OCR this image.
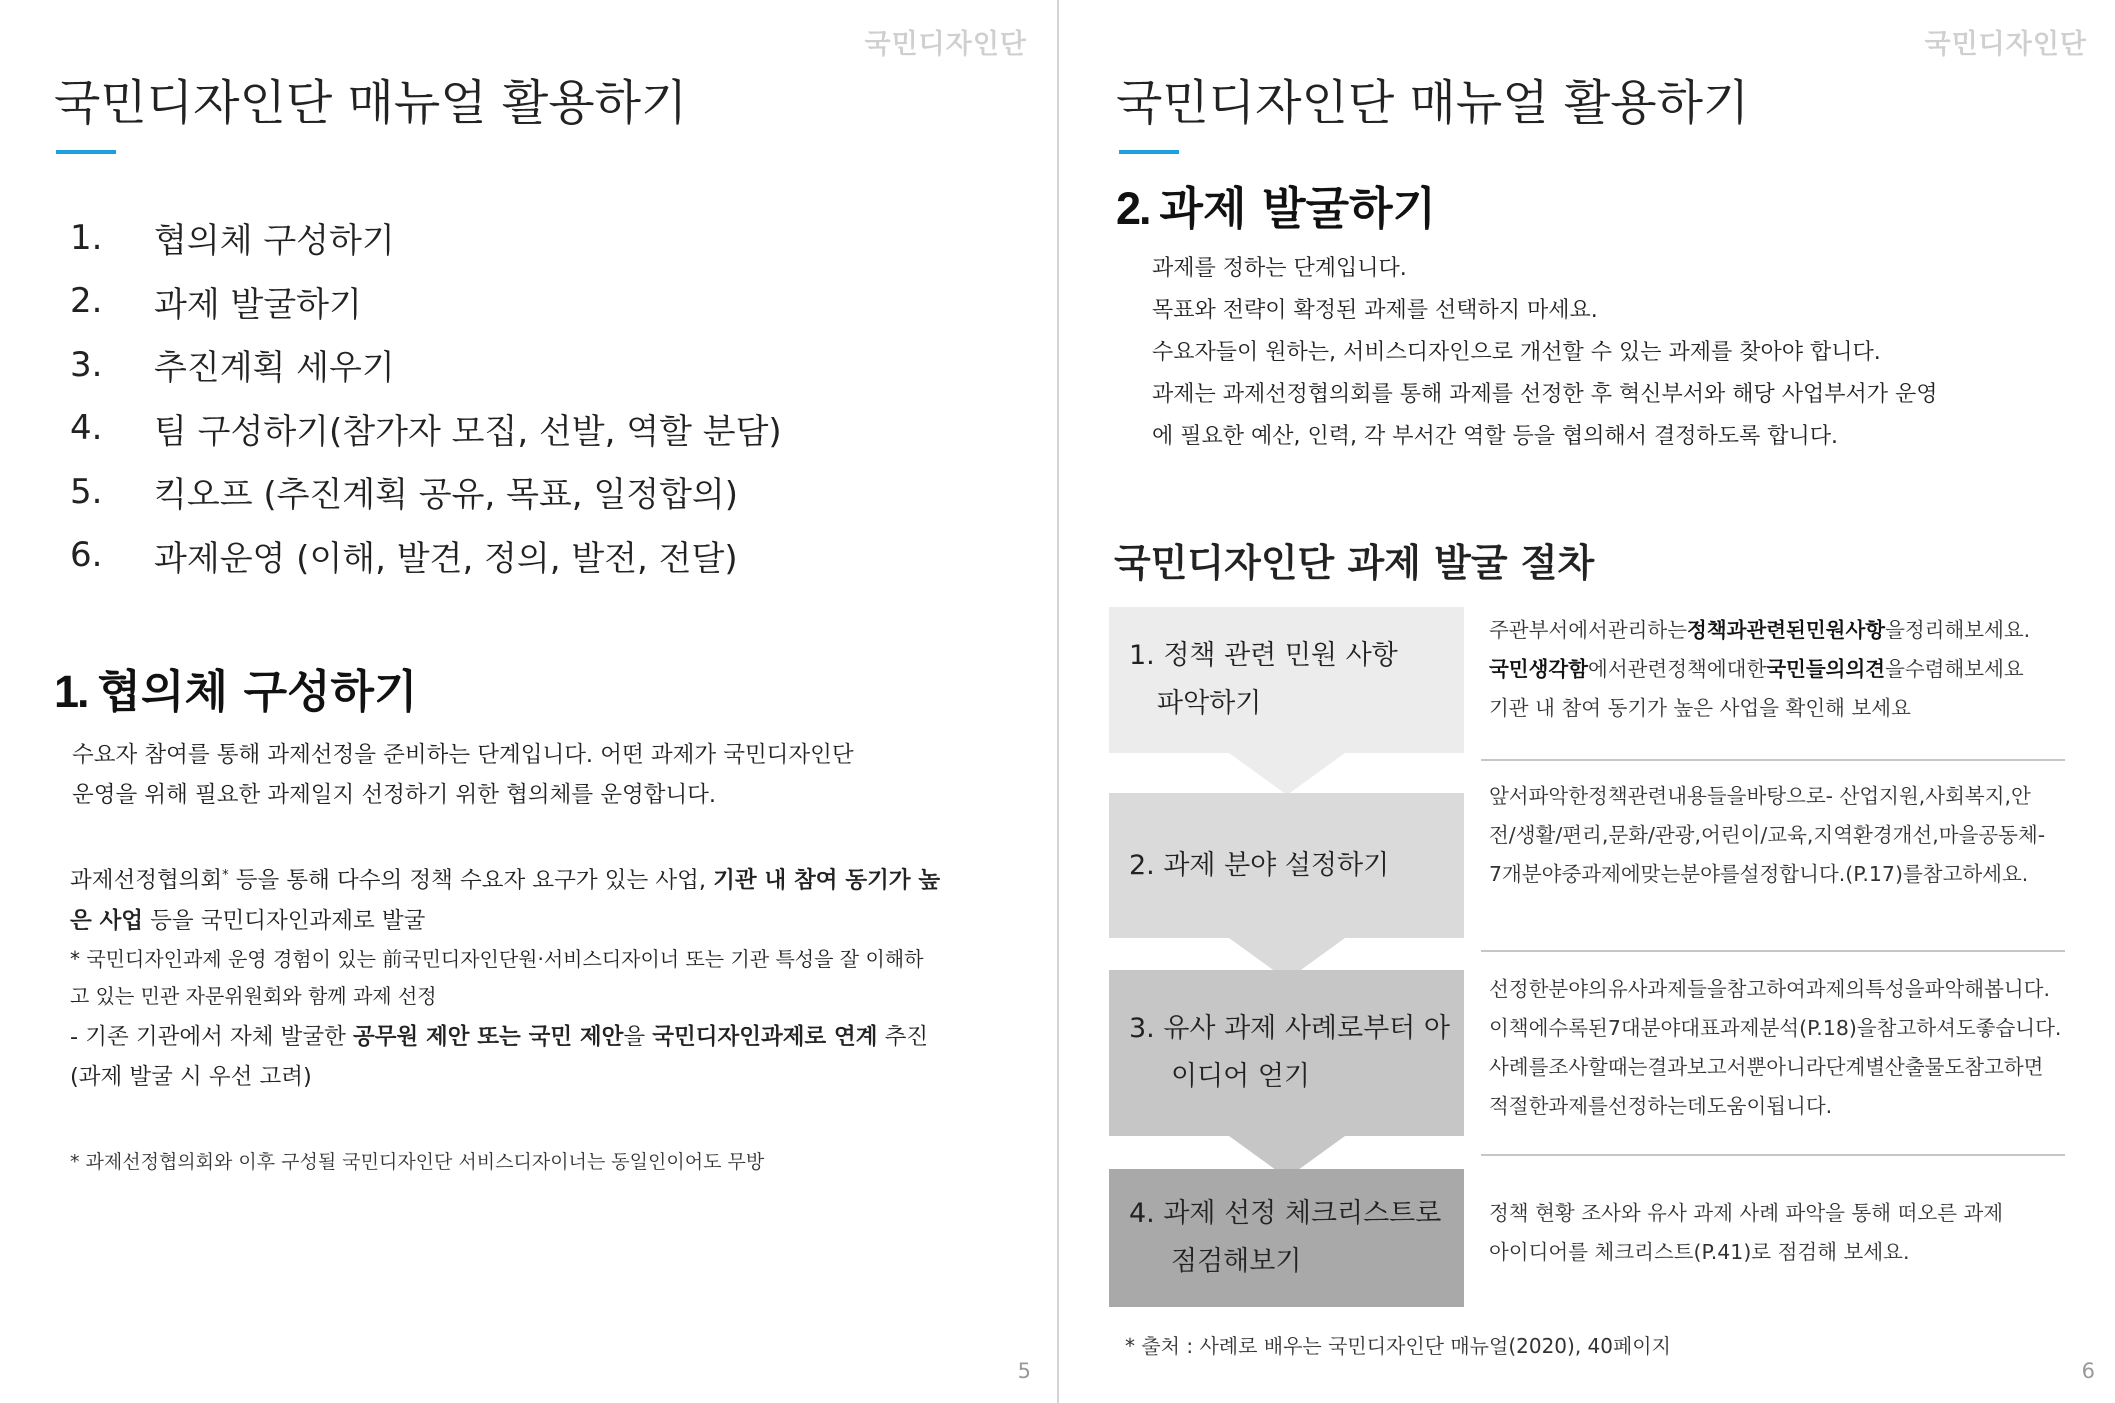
국민디자인단
국민디자인단 매뉴얼 활용하기
1.	협의체 구성하기
2.	과제 발굴하기
3.	추진계획 세우기
4.	팀 구성하기(참가자 모집, 선발, 역할 분담)
5.	킥오프 (추진계획 공유, 목표, 일정합의)
6.	과제운영 (이해, 발견, 정의, 발전, 전달)
1. 협의체 구성하기

수요자 참여를 통해 과제선정을 준비하는 단계입니다. 어떤 과제가 국민디자인단
운영을 위해 필요한 과제일지 선정하기 위한 협의체를 운영합니다.

과제선정협의회* 등을 통해 다수의 정책 수요자 요구가 있는 사업, 기관 내 참여 동기가 높
은 사업 등을 국민디자인과제로 발굴

* 국민디자인과제 운영 경험이 있는 前국민디자인단원·서비스디자이너 또는 기관 특성을 잘 이해하
고 있는 민관 자문위원회와 함께 과제 선정

- 기존 기관에서 자체 발굴한 공무원 제안 또는 국민 제안을 국민디자인과제로 연계 추진
(과제 발굴 시 우선 고려)

* 과제선정협의회와 이후 구성될 국민디자인단 서비스디자이너는 동일인이어도 무방
5
국민디자인단
국민디자인단 매뉴얼 활용하기
2. 과제 발굴하기

과제를 정하는 단계입니다.
목표와 전략이 확정된 과제를 선택하지 마세요.
수요자들이 원하는, 서비스디자인으로 개선할 수 있는 과제를 찾아야 합니다.
과제는 과제선정협의회를 통해 과제를 선정한 후 혁신부서와 해당 사업부서가 운영
에 필요한 예산, 인력, 각 부서간 역할 등을 협의해서 결정하도록 합니다.

국민디자인단 과제 발굴 절차
1. 정책 관련 민원 사항
파악하기
주관부서에서관리하는정책과관련된민원사항을정리해보세요.
국민생각함에서관련정책에대한국민들의의견을수렴해보세요
기관 내 참여 동기가 높은 사업을 확인해 보세요
2. 과제 분야 설정하기
앞서파악한정책관련내용들을바탕으로- 산업지원,사회복지,안
전/생활/편리,문화/관광,어린이/교육,지역환경개선,마을공동체-
7개분야중과제에맞는분야를설정합니다.(P.17)를참고하세요.
3. 유사 과제 사례로부터 아
이디어 얻기
선정한분야의유사과제들을참고하여과제의특성을파악해봅니다.
이책에수록된7대분야대표과제분석(P.18)을참고하셔도좋습니다.
사례를조사할때는결과보고서뿐아니라단계별산출물도참고하면
적절한과제를선정하는데도움이됩니다.
4. 과제 선정 체크리스트로
점검해보기
정책 현황 조사와 유사 과제 사례 파악을 통해 떠오른 과제
아이디어를 체크리스트(P.41)로 점검해 보세요.
* 출처 : 사례로 배우는 국민디자인단 매뉴얼(2020), 40페이지
6
